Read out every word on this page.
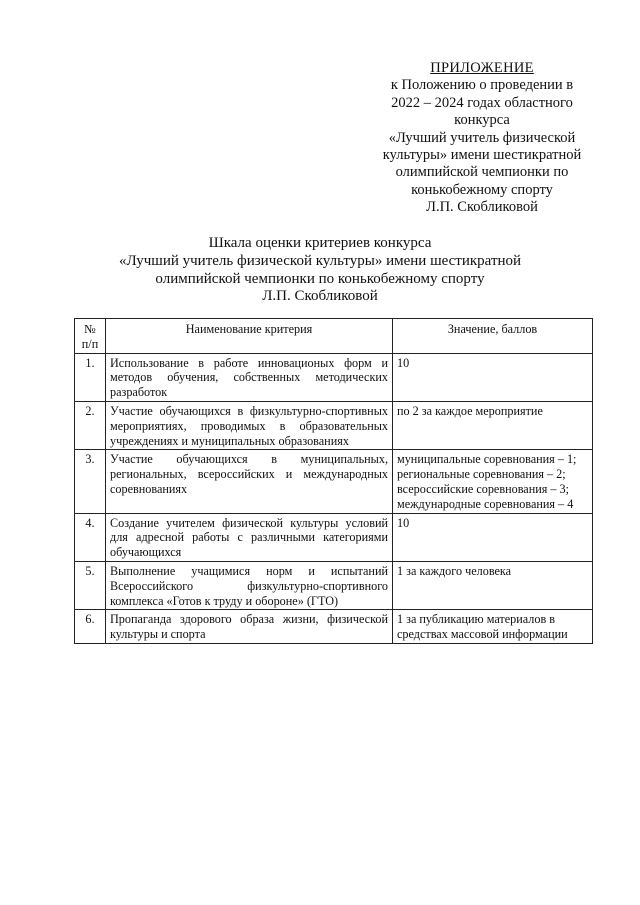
ПРИЛОЖЕНИЕ
к Положению о проведении в
2022 – 2024 годах областного
конкурса
«Лучший учитель физической
культуры» имени шестикратной
олимпийской чемпионки по
конькобежному спорту
Л.П. Скобликовой
Шкала оценки критериев конкурса
«Лучший учитель физической культуры» имени шестикратной
олимпийской чемпионки по конькобежному спорту
Л.П. Скобликовой
№
п/п	Наименование критерия	Значение, баллов
1.	Использование в работе инновационых форм и методов обучения, собственных методических разработок	10

2.	Участие обучающихся в физкультурно-спортивных мероприятиях, проводимых в образовательных учреждениях и муниципальных образованиях	по 2 за каждое мероприятие

3.	Участие обучающихся в муниципальных, региональных, всероссийских и международных соревнованиях	муниципальные соревнования – 1;
региональные соревнования – 2;
всероссийские соревнования – 3;
международные соревнования – 4

4.	Создание учителем физической культуры условий для адресной работы с различными категориями обучающихся	10

5.	Выполнение учащимися норм и испытаний Всероссийского физкультурно-спортивного комплекса «Готов к труду и обороне» (ГТО)	1 за каждого человека

6.	Пропаганда здорового образа жизни, физической культуры и спорта	1 за публикацию материалов в средствах массовой информации
